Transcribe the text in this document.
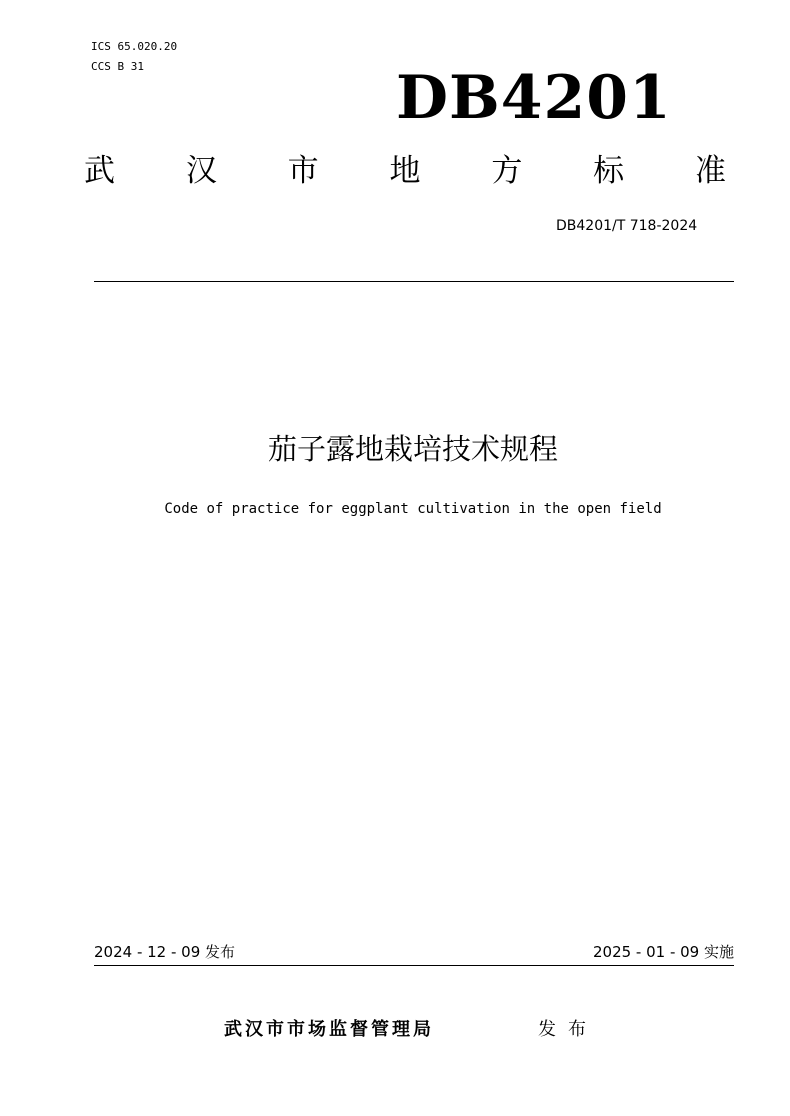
ICS 65.020.20
CCS B 31	DB4201
武 汉 市 地 方 标 准
DB4201/T 718-2024
茄子露地栽培技术规程
Code of practice for eggplant cultivation in the open field
2024 - 12 - 09 发布	2025 - 01 - 09 实施
武汉市市场监督管理局	发布
